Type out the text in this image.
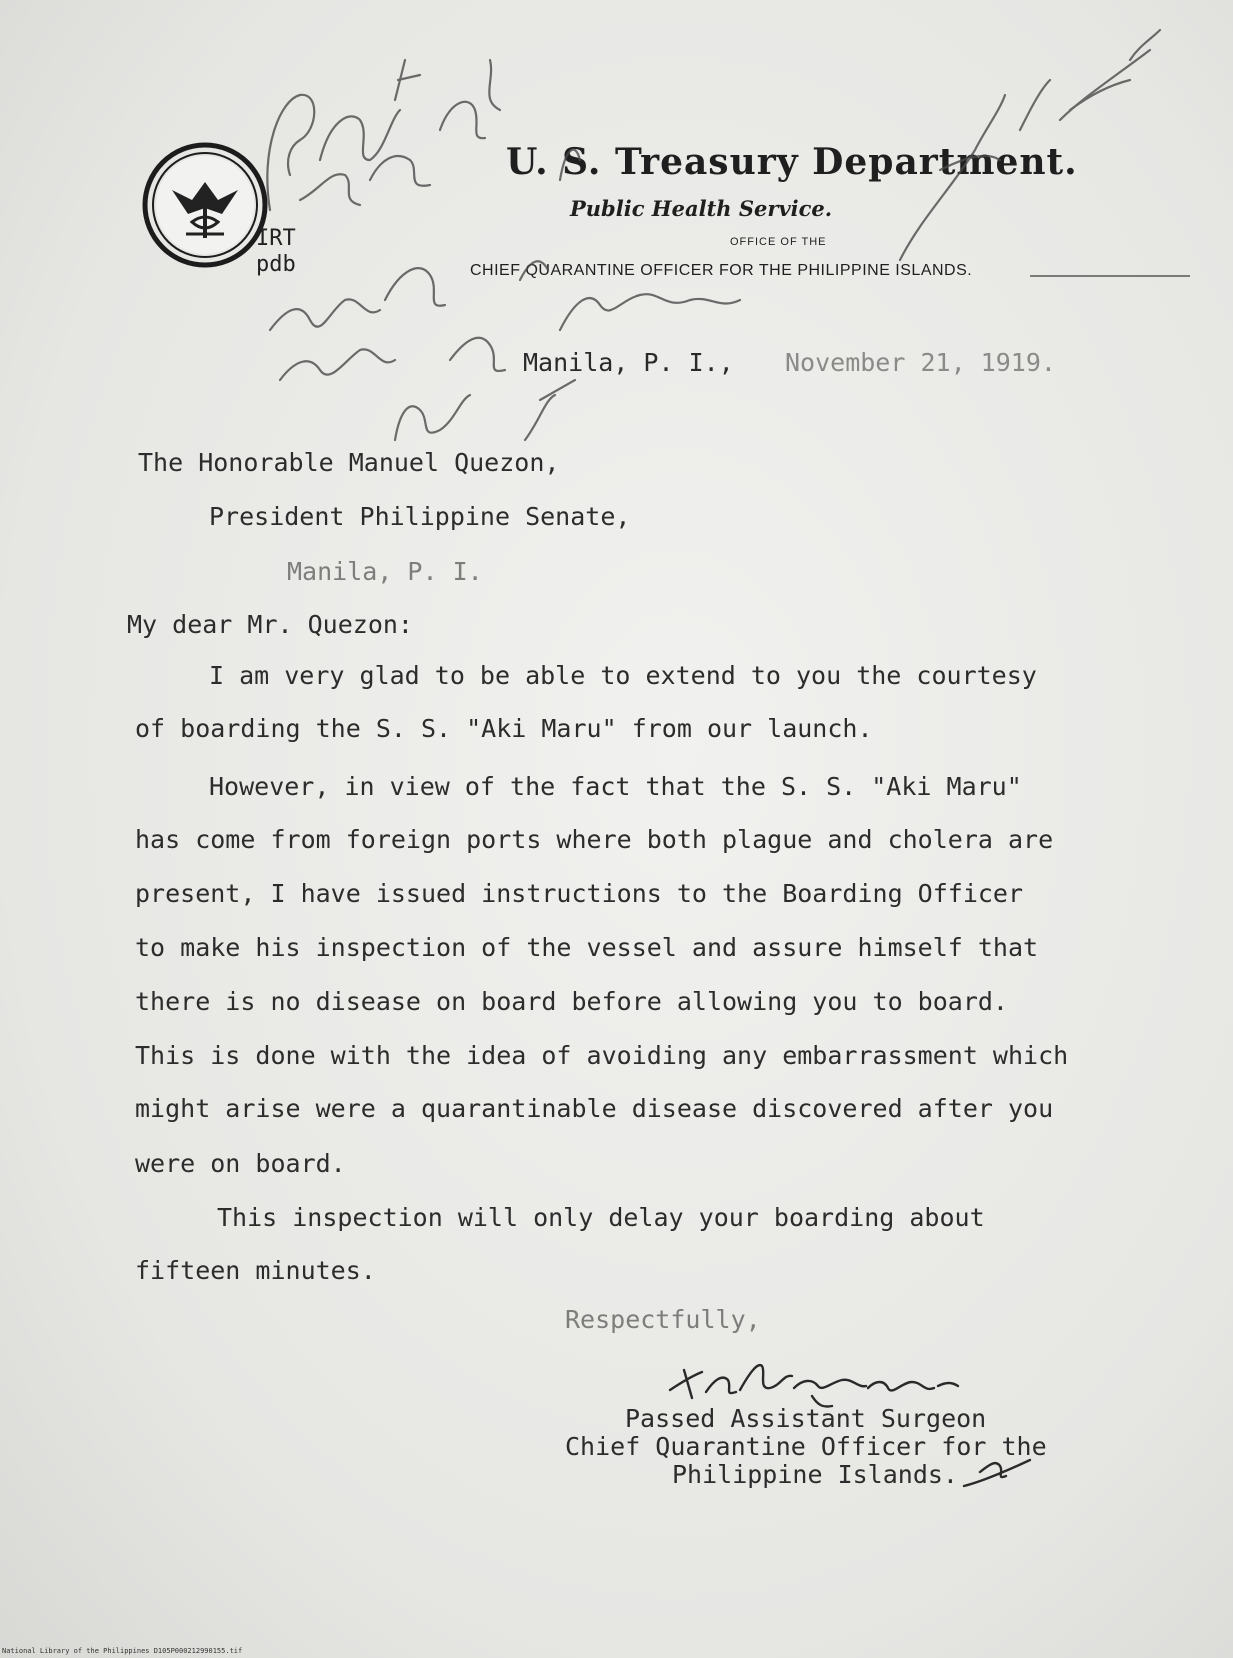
U. S. Treasury Department.
Public Health Service.
OFFICE OF THE
CHIEF QUARANTINE OFFICER FOR THE PHILIPPINE ISLANDS.
IRT
pdb
Manila, P. I., November 21, 1919.
The Honorable Manuel Quezon,
President Philippine Senate,
Manila, P. I.
My dear Mr. Quezon:
I am very glad to be able to extend to you the courtesy
of boarding the S. S. "Aki Maru" from our launch.
However, in view of the fact that the S. S. "Aki Maru"
has come from foreign ports where both plague and cholera are
present, I have issued instructions to the Boarding Officer
to make his inspection of the vessel and assure himself that
there is no disease on board before allowing you to board.
This is done with the idea of avoiding any embarrassment which
might arise were a quarantinable disease discovered after you
were on board.
This inspection will only delay your boarding about
fifteen minutes.
Respectfully,
Passed Assistant Surgeon
Chief Quarantine Officer for the
Philippine Islands.
National Library of the Philippines D105P000212990155.tif
